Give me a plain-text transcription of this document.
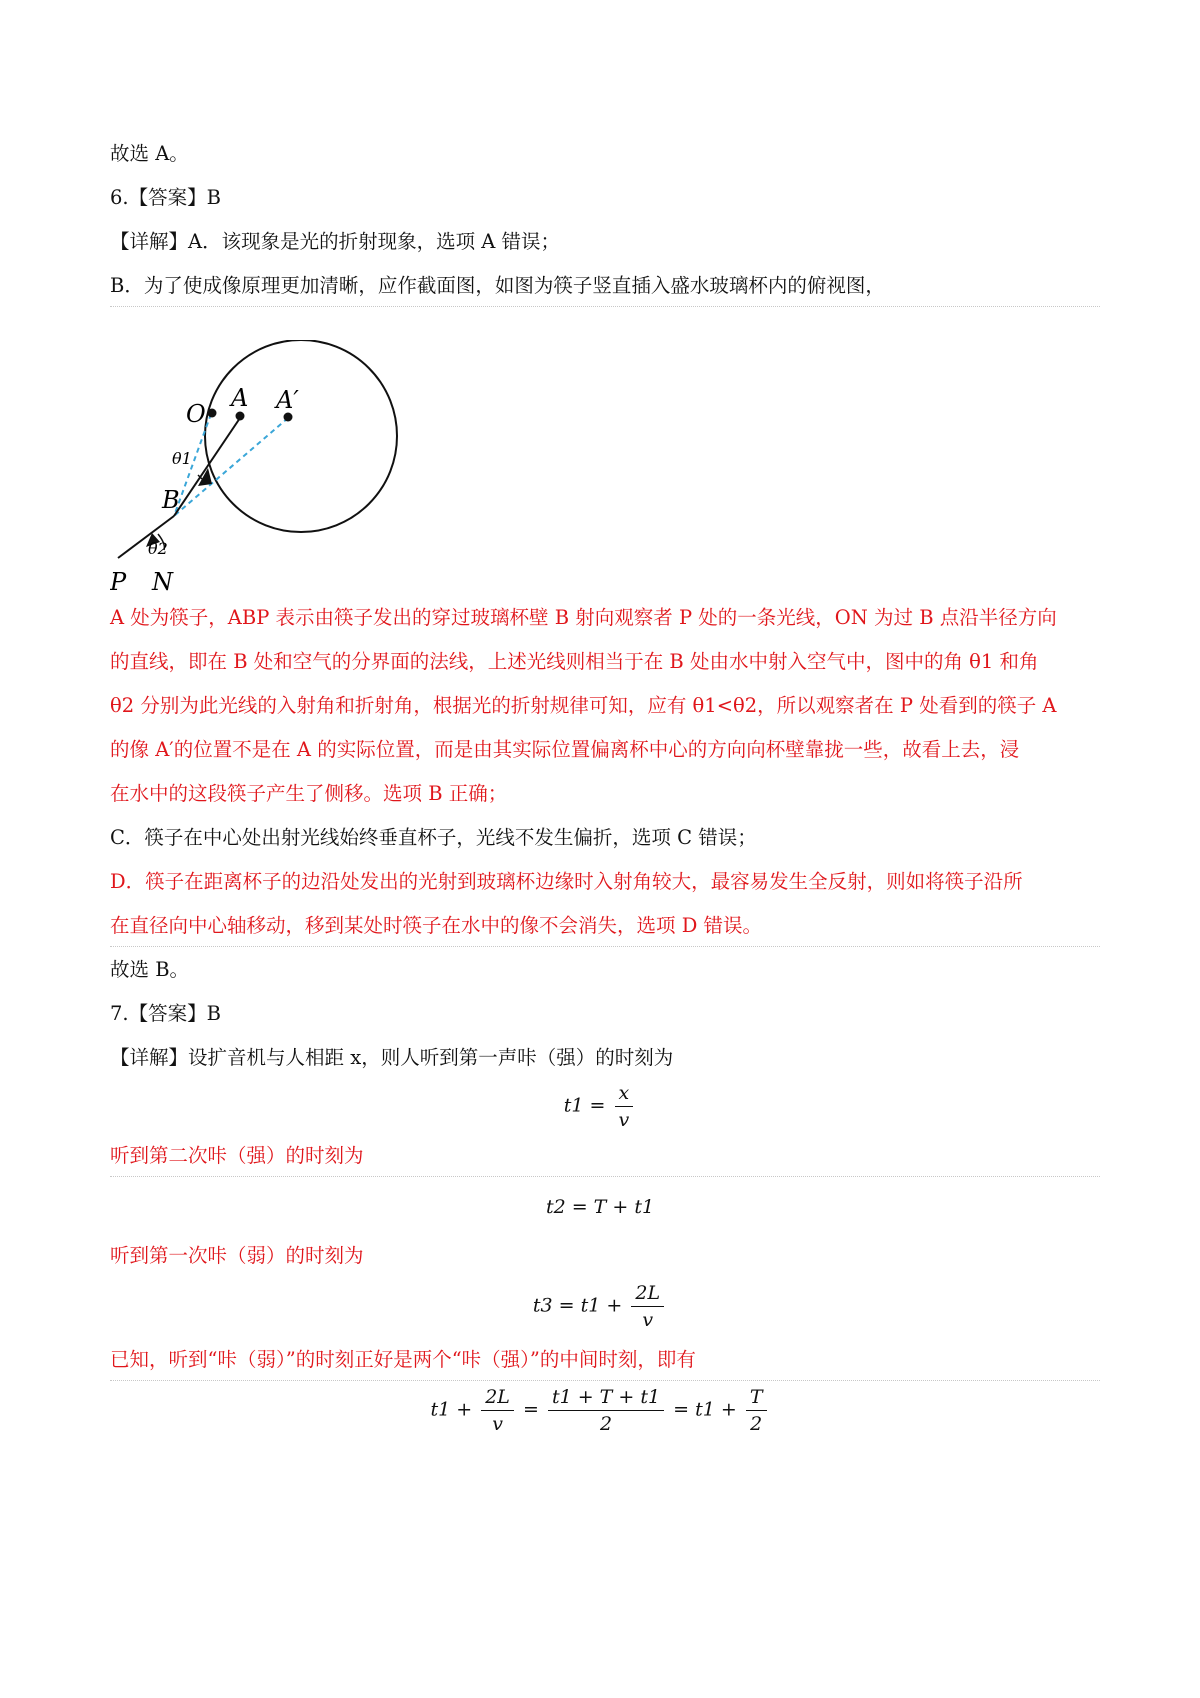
故选 A。
6.【答案】B
【详解】A．该现象是光的折射现象，选项 A 错误；
B．为了使成像原理更加清晰，应作截面图，如图为筷子竖直插入盛水玻璃杯内的俯视图，
O
A A′
θ1
B
θ2
P N
A 处为筷子，ABP 表示由筷子发出的穿过玻璃杯壁 B 射向观察者 P 处的一条光线，ON 为过 B 点沿半径方向
的直线，即在 B 处和空气的分界面的法线，上述光线则相当于在 B 处由水中射入空气中，图中的角 θ1 和角
θ2 分别为此光线的入射角和折射角，根据光的折射规律可知，应有 θ1<θ2，所以观察者在 P 处看到的筷子 A
的像 A′的位置不是在 A 的实际位置，而是由其实际位置偏离杯中心的方向向杯壁靠拢一些，故看上去，浸
在水中的这段筷子产生了侧移。选项 B 正确；
C．筷子在中心处出射光线始终垂直杯子，光线不发生偏折，选项 C 错误；
D．筷子在距离杯子的边沿处发出的光射到玻璃杯边缘时入射角较大，最容易发生全反射，则如将筷子沿所
在直径向中心轴移动，移到某处时筷子在水中的像不会消失，选项 D 错误。
故选 B。
7.【答案】B
【详解】设扩音机与人相距 x，则人听到第一声咔（强）的时刻为
$t1 = \frac{x}{v}$
听到第二次咔（强）的时刻为
t2 = T + t1
听到第一次咔（弱）的时刻为
$t3 = t1 + \frac{2L}{v}$
已知，听到“咔（弱）”的时刻正好是两个“咔（强）”的中间时刻，即有
$t1 + \frac{2L}{v} = \frac{t1 + T + t1}{2} = t1 + \frac{T}{2}$
